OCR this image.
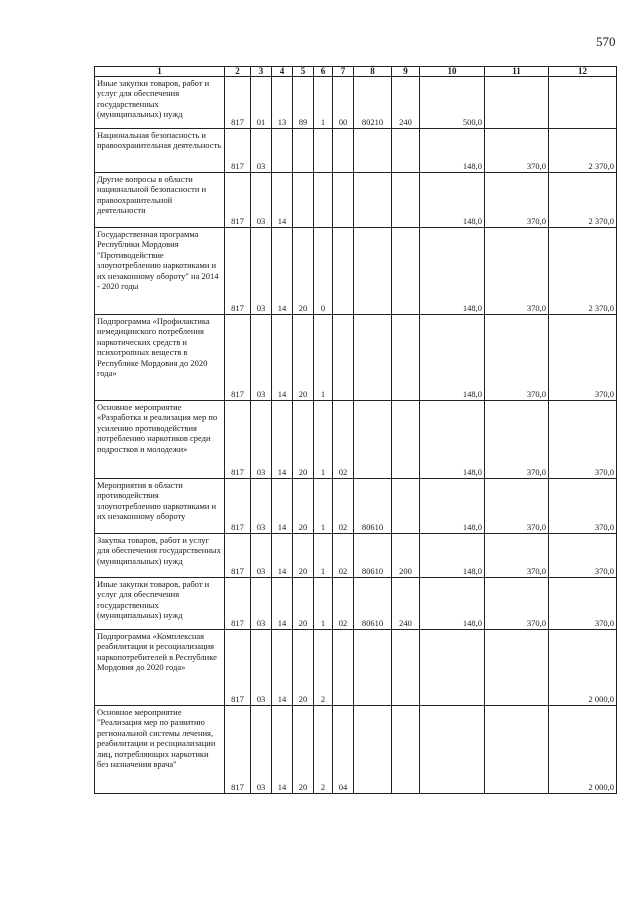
570
1	2	3	4	5	6	7	8	9	10	11	12
Иные закупки товаров, работ и услуг для обеспечения государственных (муниципальных) нужд	817	01	13	89	1	00	80210	240	500,0		
Национальная безопасность и правоохранительная деятельность	817	03							148,0	370,0	2 370,0
Другие вопросы в области национальной безопасности и правоохранительной деятельности	817	03	14						148,0	370,0	2 370,0
Государственная программа Республики Мордовия "Противодействие злоупотреблению наркотиками и их незаконному обороту" на 2014 - 2020 годы	817	03	14	20	0				148,0	370,0	2 370,0
Подпрограмма «Профилактика немедицинского потребления наркотических средств и психотропных веществ в Республике Мордовия до 2020 года»	817	03	14	20	1				148,0	370,0	370,0
Основное мероприятие «Разработка и реализация мер по усилению противодействия потреблению наркотиков среди подростков и молодежи»	817	03	14	20	1	02			148,0	370,0	370,0
Мероприятия в области противодействия злоупотреблению наркотиками и их незаконному обороту	817	03	14	20	1	02	80610		148,0	370,0	370,0
Закупка товаров, работ и услуг для обеспечения государственных (муниципальных) нужд	817	03	14	20	1	02	80610	200	148,0	370,0	370,0
Иные закупки товаров, работ и услуг для обеспечения государственных (муниципальных) нужд	817	03	14	20	1	02	80610	240	148,0	370,0	370,0
Подпрограмма «Комплексная реабилитация и ресоциализация наркопотребителей в Республике Мордовия до 2020 года»	817	03	14	20	2						2 000,0
Основное мероприятие "Реализация мер по развитию региональной системы лечения, реабилитации и ресоциализации лиц, потребляющих наркотики без назначения врача"	817	03	14	20	2	04					2 000,0
